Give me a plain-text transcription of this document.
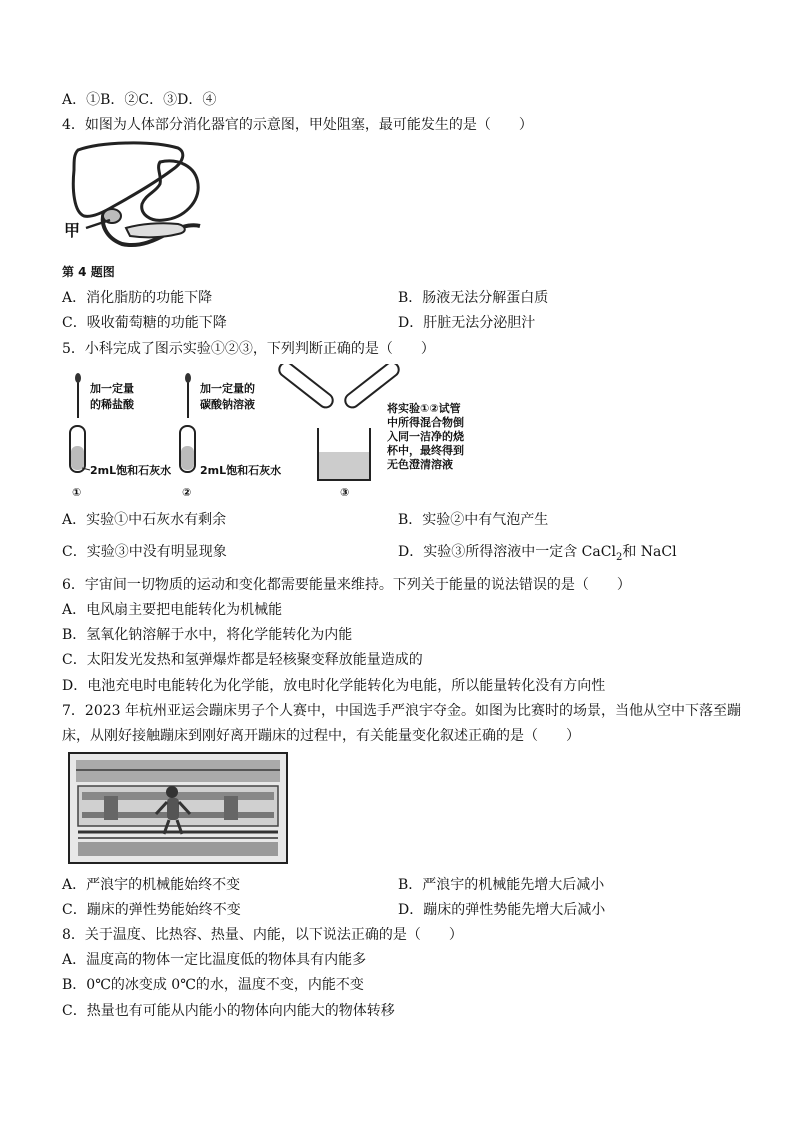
A．①B．②C．③D．④
4．如图为人体部分消化器官的示意图，甲处阻塞，最可能发生的是（　　）
甲
第 4 题图
A．消化脂肪的功能下降	B．肠液无法分解蛋白质
C．吸收葡萄糖的功能下降	D．肝脏无法分泌胆汁
5．小科完成了图示实验①②③，下列判断正确的是（　　）
加一定量
的稀盐酸
2mL饱和石灰水
①
加一定量的
碳酸钠溶液
2mL饱和石灰水
②	③
将实验①②试管
中所得混合物倒
入同一洁净的烧
杯中，最终得到
无色澄清溶液
A．实验①中石灰水有剩余	B．实验②中有气泡产生
C．实验③中没有明显现象	D．实验③所得溶液中一定含 CaCl$_2$和 NaCl
6．宇宙间一切物质的运动和变化都需要能量来维持。下列关于能量的说法错误的是（　　）
A．电风扇主要把电能转化为机械能
B．氢氧化钠溶解于水中，将化学能转化为内能
C．太阳发光发热和氢弹爆炸都是轻核聚变释放能量造成的
D．电池充电时电能转化为化学能，放电时化学能转化为电能，所以能量转化没有方向性
7．2023 年杭州亚运会蹦床男子个人赛中，中国选手严浪宇夺金。如图为比赛时的场景，当他从空中下落至蹦
床，从刚好接触蹦床到刚好离开蹦床的过程中，有关能量变化叙述正确的是（　　）
A．严浪宇的机械能始终不变	B．严浪宇的机械能先增大后减小
C．蹦床的弹性势能始终不变	D．蹦床的弹性势能先增大后减小
8．关于温度、比热容、热量、内能，以下说法正确的是（　　）
A．温度高的物体一定比温度低的物体具有内能多
B．0℃的冰变成 0℃的水，温度不变，内能不变
C．热量也有可能从内能小的物体向内能大的物体转移
